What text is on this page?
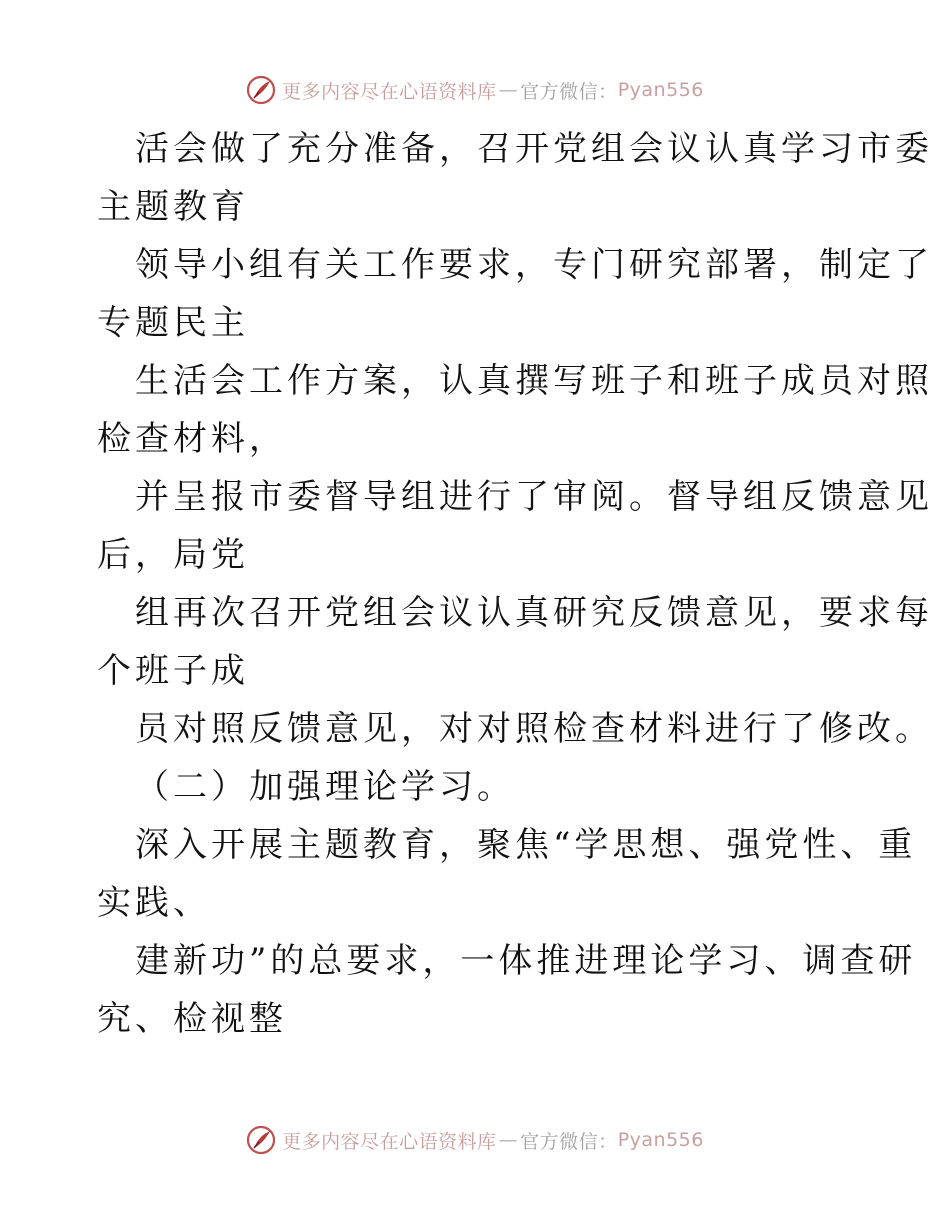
更多内容尽在心语资料库 — 官方微信： Pyan556
活会做了充分准备，召开党组会议认真学习市委
主题教育
领导小组有关工作要求，专门研究部署，制定了
专题民主
生活会工作方案，认真撰写班子和班子成员对照
检查材料，
并呈报市委督导组进行了审阅。督导组反馈意见
后，局党
组再次召开党组会议认真研究反馈意见，要求每
个班子成
员对照反馈意见，对对照检查材料进行了修改。
（二）加强理论学习。
深入开展主题教育，聚焦“学思想、强党性、重
实践、
建新功”的总要求，一体推进理论学习、调查研
究、检视整
更多内容尽在心语资料库 — 官方微信： Pyan556
